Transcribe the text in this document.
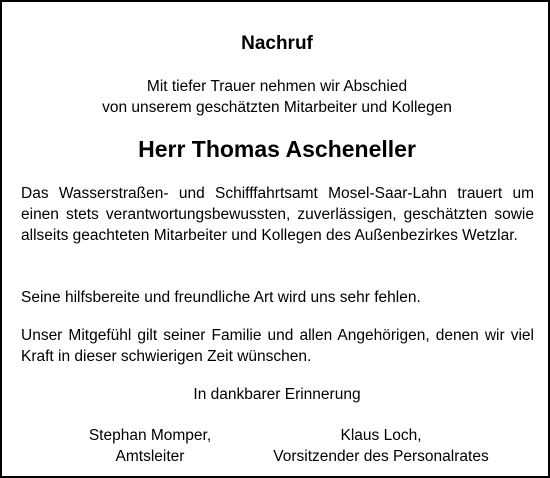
Nachruf
Mit tiefer Trauer nehmen wir Abschied
von unserem geschätzten Mitarbeiter und Kollegen
Herr Thomas Ascheneller

Das Wasserstraßen- und Schifffahrtsamt Mosel-Saar-Lahn trauert um einen stets verantwortungsbewussten, zuverlässigen, geschätzten sowie allseits geachteten Mitarbeiter und Kollegen des Außenbezirkes Wetzlar.

Seine hilfsbereite und freundliche Art wird uns sehr fehlen.

Unser Mitgefühl gilt seiner Familie und allen Angehörigen, denen wir viel Kraft in dieser schwierigen Zeit wünschen.

In dankbarer Erinnerung

Stephan Momper,
Amtsleiter
Klaus Loch,
Vorsitzender des Personalrates
